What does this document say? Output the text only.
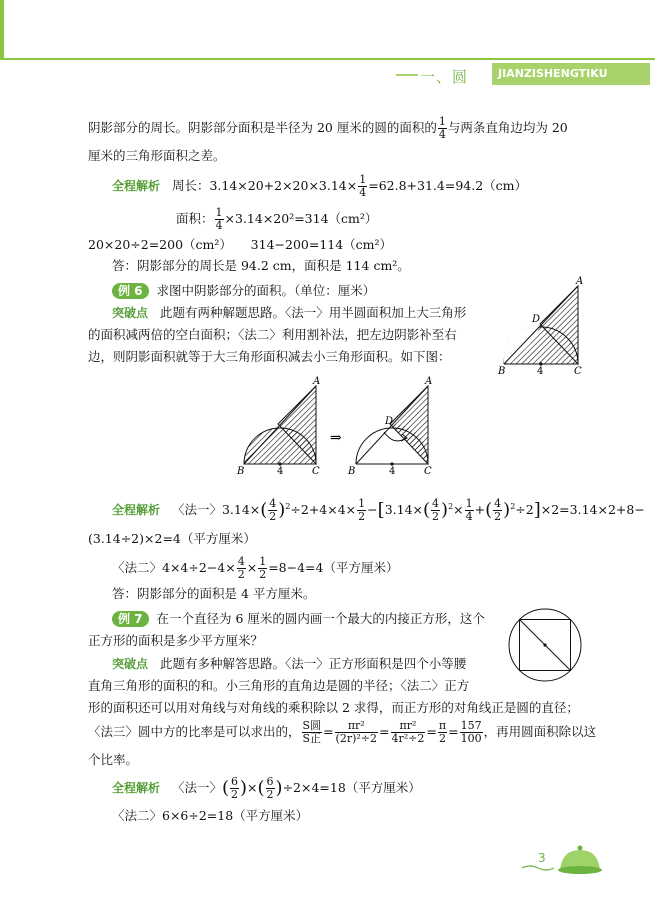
一、圆	JIANZISHENGTIKU
阴影部分的周长。阴影部分面积是半径为 20 厘米的圆的面积的 $\frac{1}{4}$ 与两条直角边均为 20
厘米的三角形面积之差。
全程解析 周长：$3.14\times 20+2\times 20\times 3.14\times \frac{1}{4} =62.8+31.4=94.2(cm)$
面积： $\frac{1}{4} \times 3.14\times 20^2=314(cm^2)$
20×20÷2=200（cm²）　　314−200=114（cm²）
答：阴影部分的周长是 94.2 cm，面积是 114 cm²。
例 6 求图中阴影部分的面积。（单位：厘米）
突破点 此题有两种解题思路。〈法一〉用半圆面积加上大三角形
的面积减两倍的空白面积；〈法二〉利用割补法，把左边阴影补至右
边，则阴影面积就等于大三角形面积减去小三角形面积。如下图：
A
B	C
D
4
A
B	C
4
⇒
A
B	C
D
4
全程解析 〈法一〉$3.14\times( \frac{4}{2} )^2\div 2+4\times 4\times \frac{1}{2} -[3.14\times( \frac{4}{2} )^2\times \frac{1}{4}$ +( $\frac{4}{2} )^2\div 2]\times 2=3.14\times 2+8-$
(3.14÷2)×2=4（平方厘米）
〈法二〉$4\times 4\div 2-4\times \frac{4}{2} \times \frac{1}{2} =8-4=4$（平方厘米）
答：阴影部分的面积是 4 平方厘米。
例 7 在一个直径为 6 厘米的圆内画一个最大的内接正方形，这个
正方形的面积是多少平方厘米？
突破点 此题有多种解答思路。〈法一〉正方形面积是四个小等腰
直角三角形的面积的和。小三角形的直角边是圆的半径；〈法二〉正方
形的面积还可以用对角线与对角线的乘积除以 2 求得，而正方形的对角线正是圆的直径；
〈法三〉圆中方的比率是可以求出的， $\frac{\text{S圆}}{\text{S正}} = \frac{\text{πr²}}{\text{(2r)²÷2}} = \frac{\text{πr²}}{\text{4r²÷2}} = \frac{\pi}{2} = \frac{157}{100}$ ，再用圆面积除以这
个比率。
全程解析 〈法一〉( $\frac{6}{2}$ )×( $\frac{6}{2} )\div 2\times 4=18$（平方厘米）
〈法二〉6×6÷2=18（平方厘米）
3
